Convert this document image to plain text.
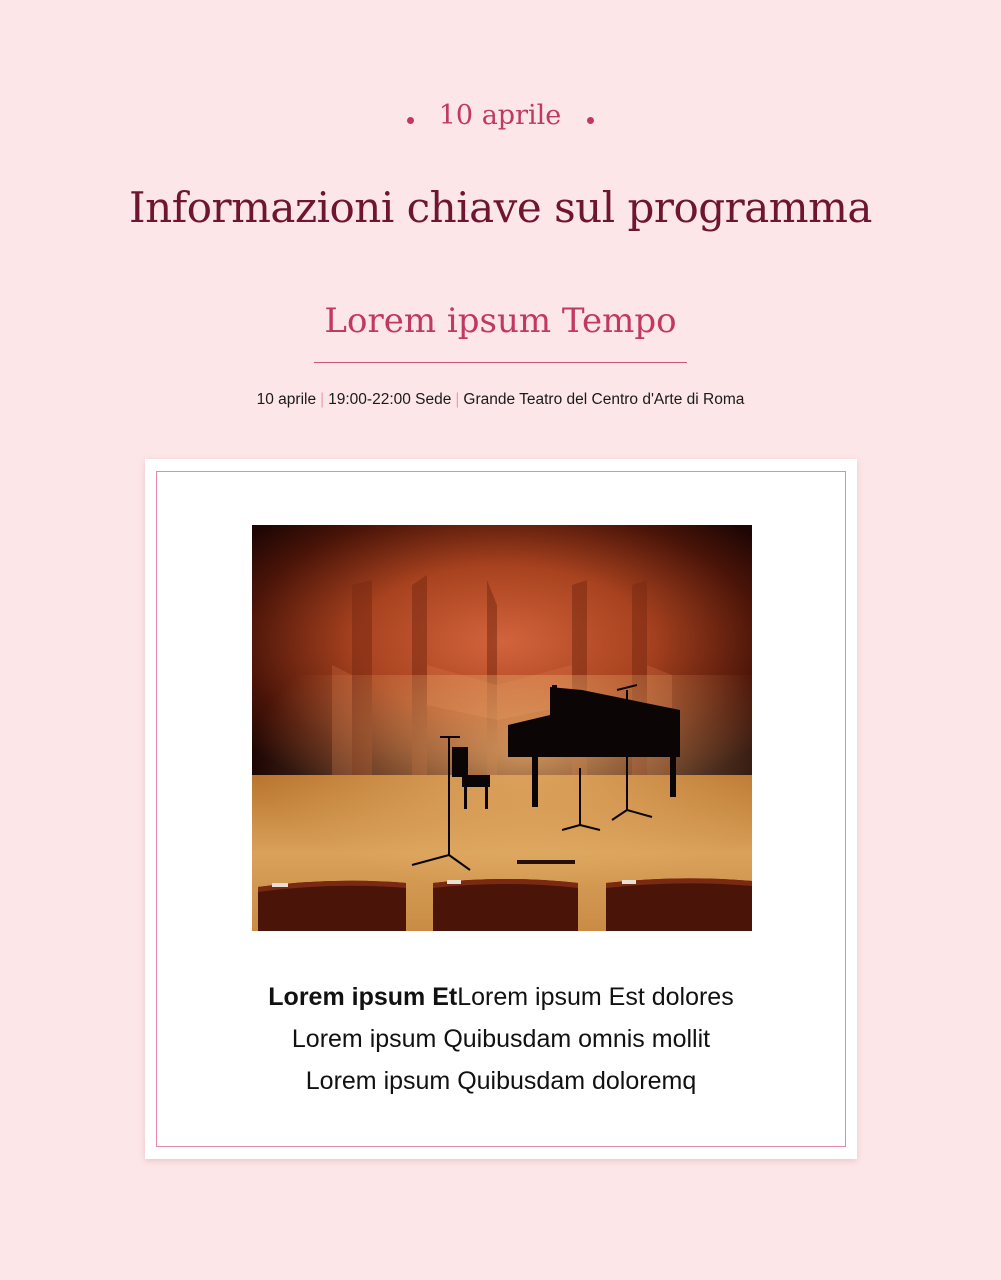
10 aprile
Informazioni chiave sul programma
Lorem ipsum Tempo
10 aprile | 19:00-22:00 Sede | Grande Teatro del Centro d'Arte di Roma
Lorem ipsum EtLorem ipsum Est dolores
Lorem ipsum Quibusdam omnis mollit
Lorem ipsum Quibusdam doloremq
